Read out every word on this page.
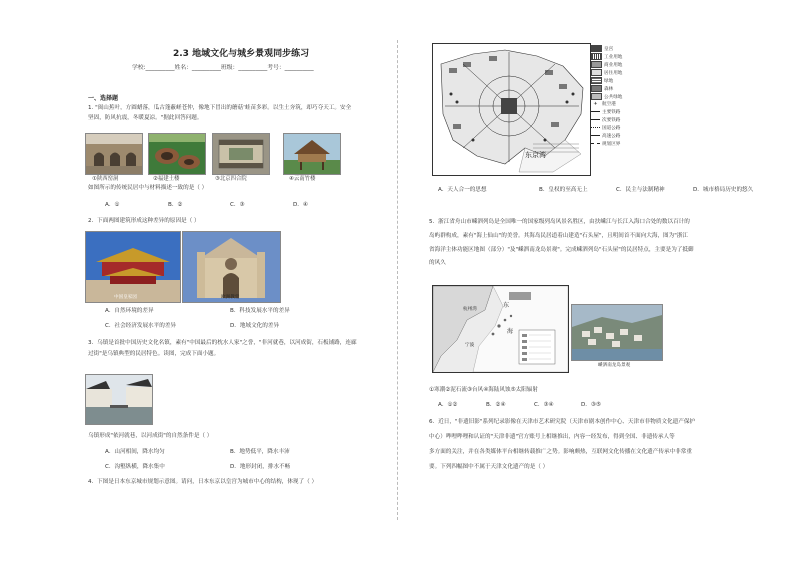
2.3 地域文化与城乡景观同步练习
学校:__________姓名：__________班级：__________考号：__________
一、选择题
1. "闽山蕉叶，方圆蜡落，瓜古蓬蔽嵯苍仲，像地下冒出的蘑菇‘蛙苗多彩。以生土夯筑，却巧夺天工。安全
坚固，防风抗震，冬暖夏凉。"据此回答问题。
①陕西窑洞	②福建土楼	③北京四合院	④云南竹楼
如图所示的传统民居中与材料描述一致的是（ ）
A．①	B．②	C．③	D．④
2．下面两图建筑形成这种差异的原因是（ ）
中国皇家园	欧洲教堂
A．自然环境的差异	B．科技发展水平的差异
C．社会经济发展水平的差异	D．地域文化的差异
3．乌镇是首批中国历史文化名镇，素有"中国最后的枕水人家"之誉，"非河就巷，以河成街，石板铺路，连廊
过街"是乌镇典型的民居特色。读图，完成下面小题。
乌镇形成"依河就巷，以河成街"的自然条件是（ ）
A．山河相间，降水均匀	B．地势低平，降水丰沛
C．沟壑纵横，降水集中	D．地形封闭，排水不畅
4．下图是日本东京城市规划示意图。请问，日本东京以皇宫为城市中心的结构，体现了（ ）
东京湾
皇宫
工业用地
商业用地
居住用地
绿地
森林
公共绿地
✈ 航空港
主要铁路
次要铁路
国道公路
高速公路
规划区界
A．天人合一的思想	B．皇权的至高无上	C．民主与法制精神	D．城市格局历史的悠久
5．浙江省舟山市嵊泗列岛是全国唯一的国家级列岛风景名胜区，由扶嵊江与长江入海口合处的数以百计的
岛屿群构成，素有"海上仙山"的美誉。其海岛民居道着山建造"石头屋"，且明间首不面向大海，图为"浙江
省海洋主体功能区地图（部分）"及"嵊泗南龙岛景观"。完成嵊泗列岛"石头屋"的民居特点，主要是为了抵御
的风久
东
海
宁波
杭州湾
嵊泗南龙岛景观
①寒潮②泥石流③台风④海陆风蚀⑤太阳辐射
A．①②	B．②④	C．③④	D．③⑤
6．近日，"非遗旧影"系列纪录影像在天津市艺术研究院（天津市剧本创作中心、天津市非物质文化遗产保护
中心）哔哩哔哩和认证的"天津非遗"官方账号上相继推出，内容一经发布，得到全国、非遗传承人等
多方面的关注，并在各类媒体平台相继转载推广之势。影响颇热，互联网文化传播在文化遗产传承中非常重
要。下列四幅图中不属于天津文化遗产的是（ ）
